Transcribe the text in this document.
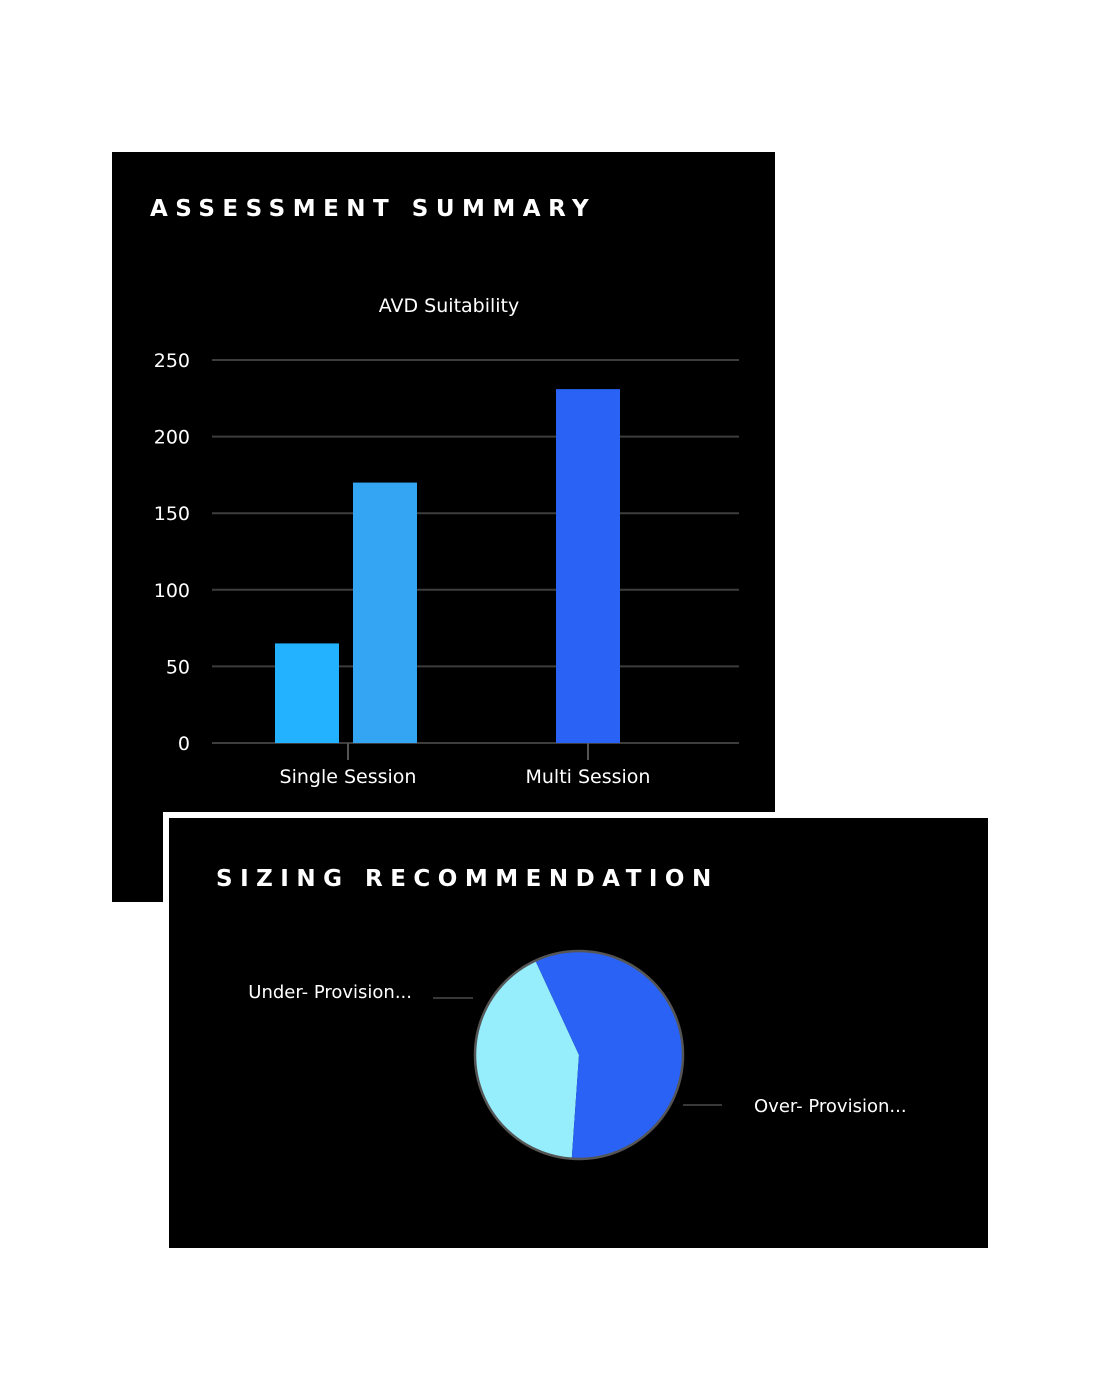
ASSESSMENT SUMMARY
AVD Suitability
0
50
100
150
200
250
Single Session	Multi Session
SIZING RECOMMENDATION
Under- Provision...
Over- Provision...
